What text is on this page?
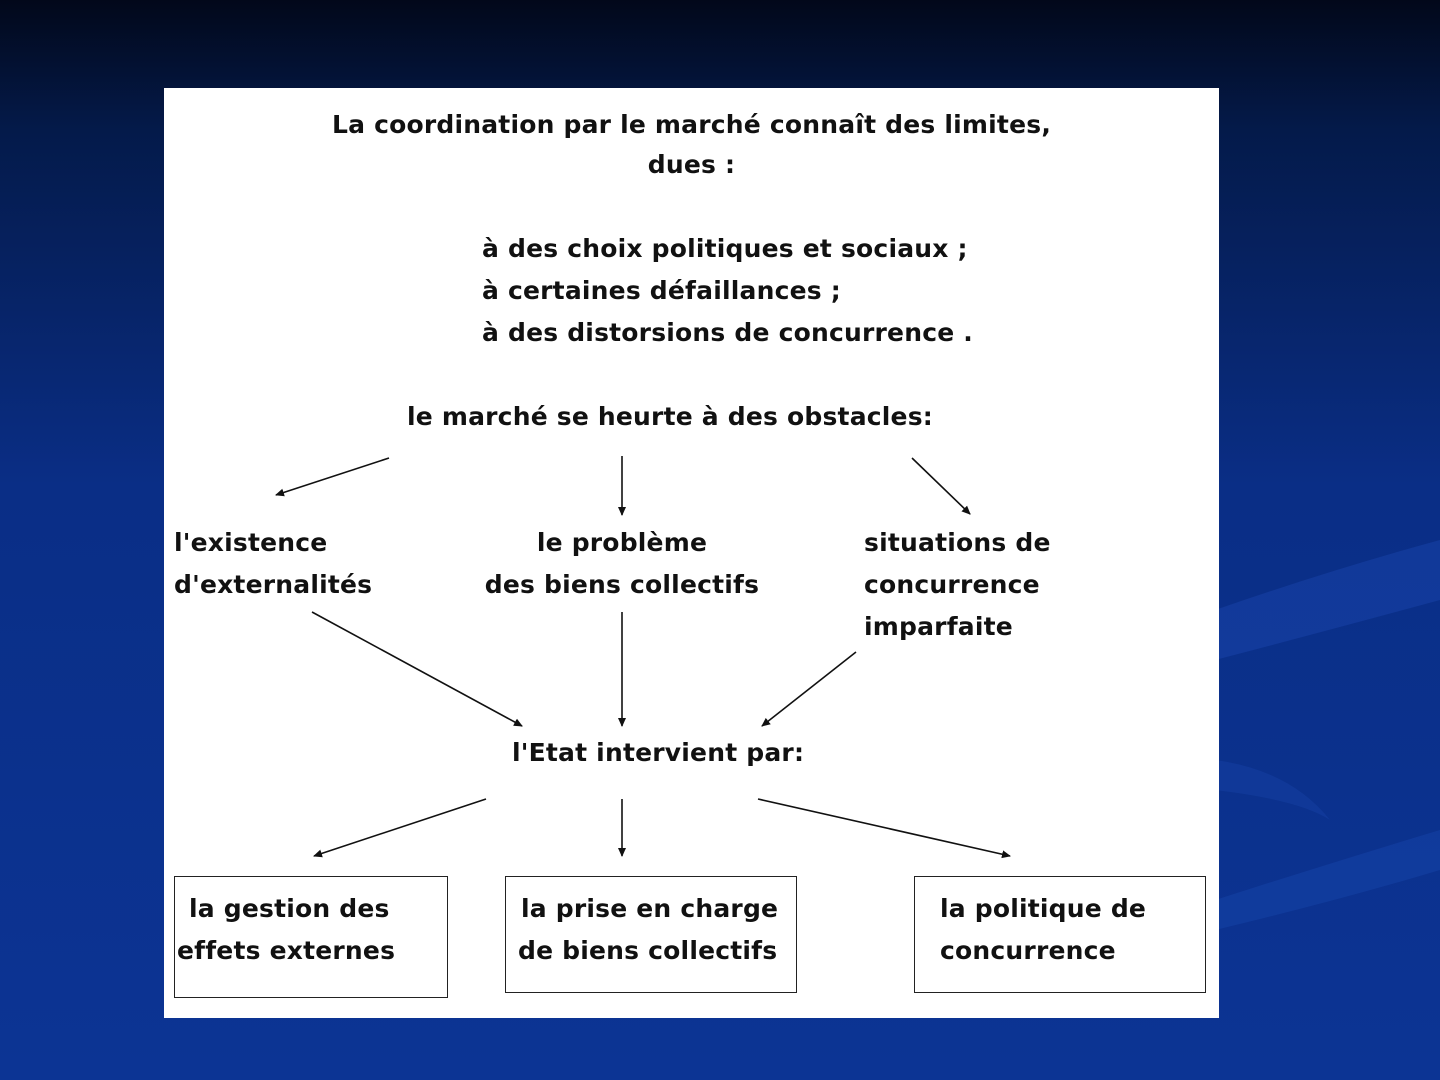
La coordination par le marché connaît des limites,
dues :
à des choix politiques et sociaux ;
à certaines défaillances ;
à des distorsions de concurrence .
le marché se heurte à des obstacles:
l'existence
d'externalités
le problème
des biens collectifs
situations de
concurrence
imparfaite
l'Etat intervient par:
la gestion des
effets externes
la prise en charge
de biens collectifs
la politique de
concurrence
